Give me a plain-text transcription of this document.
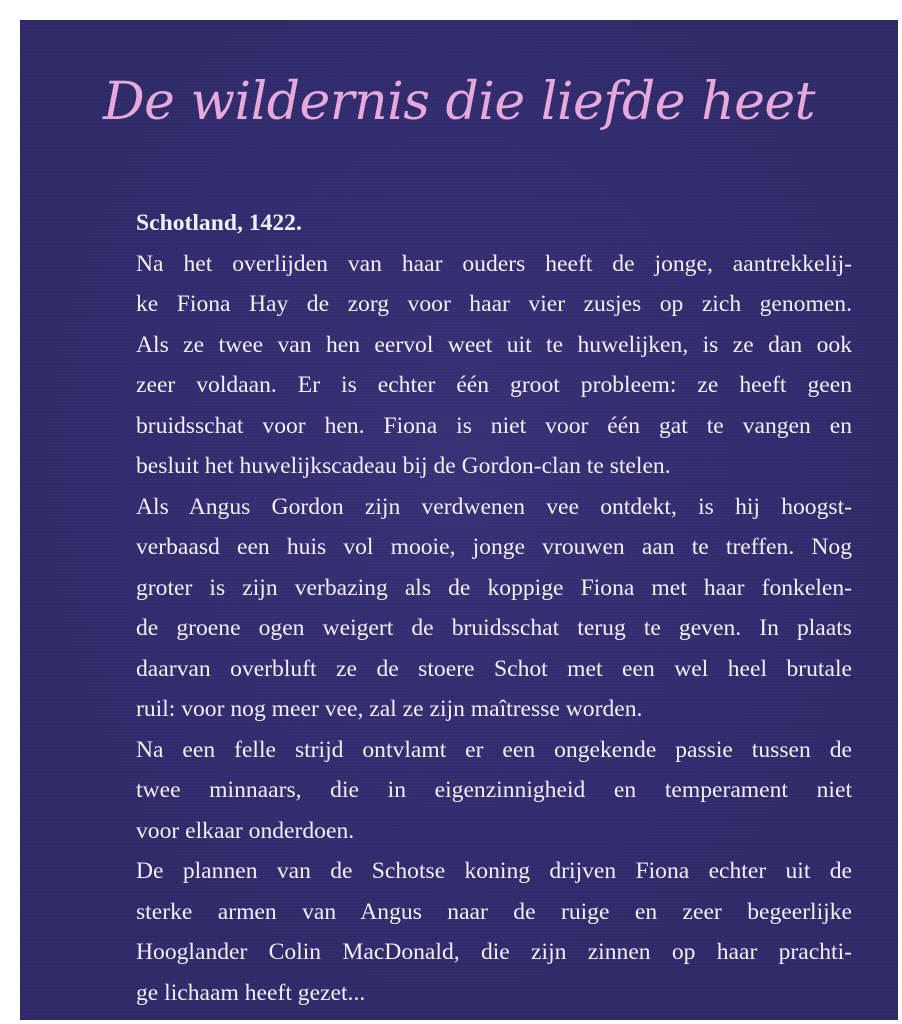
De wildernis die liefde heet
Schotland, 1422.
Na het overlijden van haar ouders heeft de jonge, aantrekkelij-
ke Fiona Hay de zorg voor haar vier zusjes op zich genomen.
Als ze twee van hen eervol weet uit te huwelijken, is ze dan ook
zeer voldaan. Er is echter één groot probleem: ze heeft geen
bruidsschat voor hen. Fiona is niet voor één gat te vangen en
besluit het huwelijkscadeau bij de Gordon-clan te stelen.
Als Angus Gordon zijn verdwenen vee ontdekt, is hij hoogst-
verbaasd een huis vol mooie, jonge vrouwen aan te treffen. Nog
groter is zijn verbazing als de koppige Fiona met haar fonkelen-
de groene ogen weigert de bruidsschat terug te geven. In plaats
daarvan overbluft ze de stoere Schot met een wel heel brutale
ruil: voor nog meer vee, zal ze zijn maîtresse worden.
Na een felle strijd ontvlamt er een ongekende passie tussen de
twee minnaars, die in eigenzinnigheid en temperament niet
voor elkaar onderdoen.
De plannen van de Schotse koning drijven Fiona echter uit de
sterke armen van Angus naar de ruige en zeer begeerlijke
Hooglander Colin MacDonald, die zijn zinnen op haar prachti-
ge lichaam heeft gezet...
